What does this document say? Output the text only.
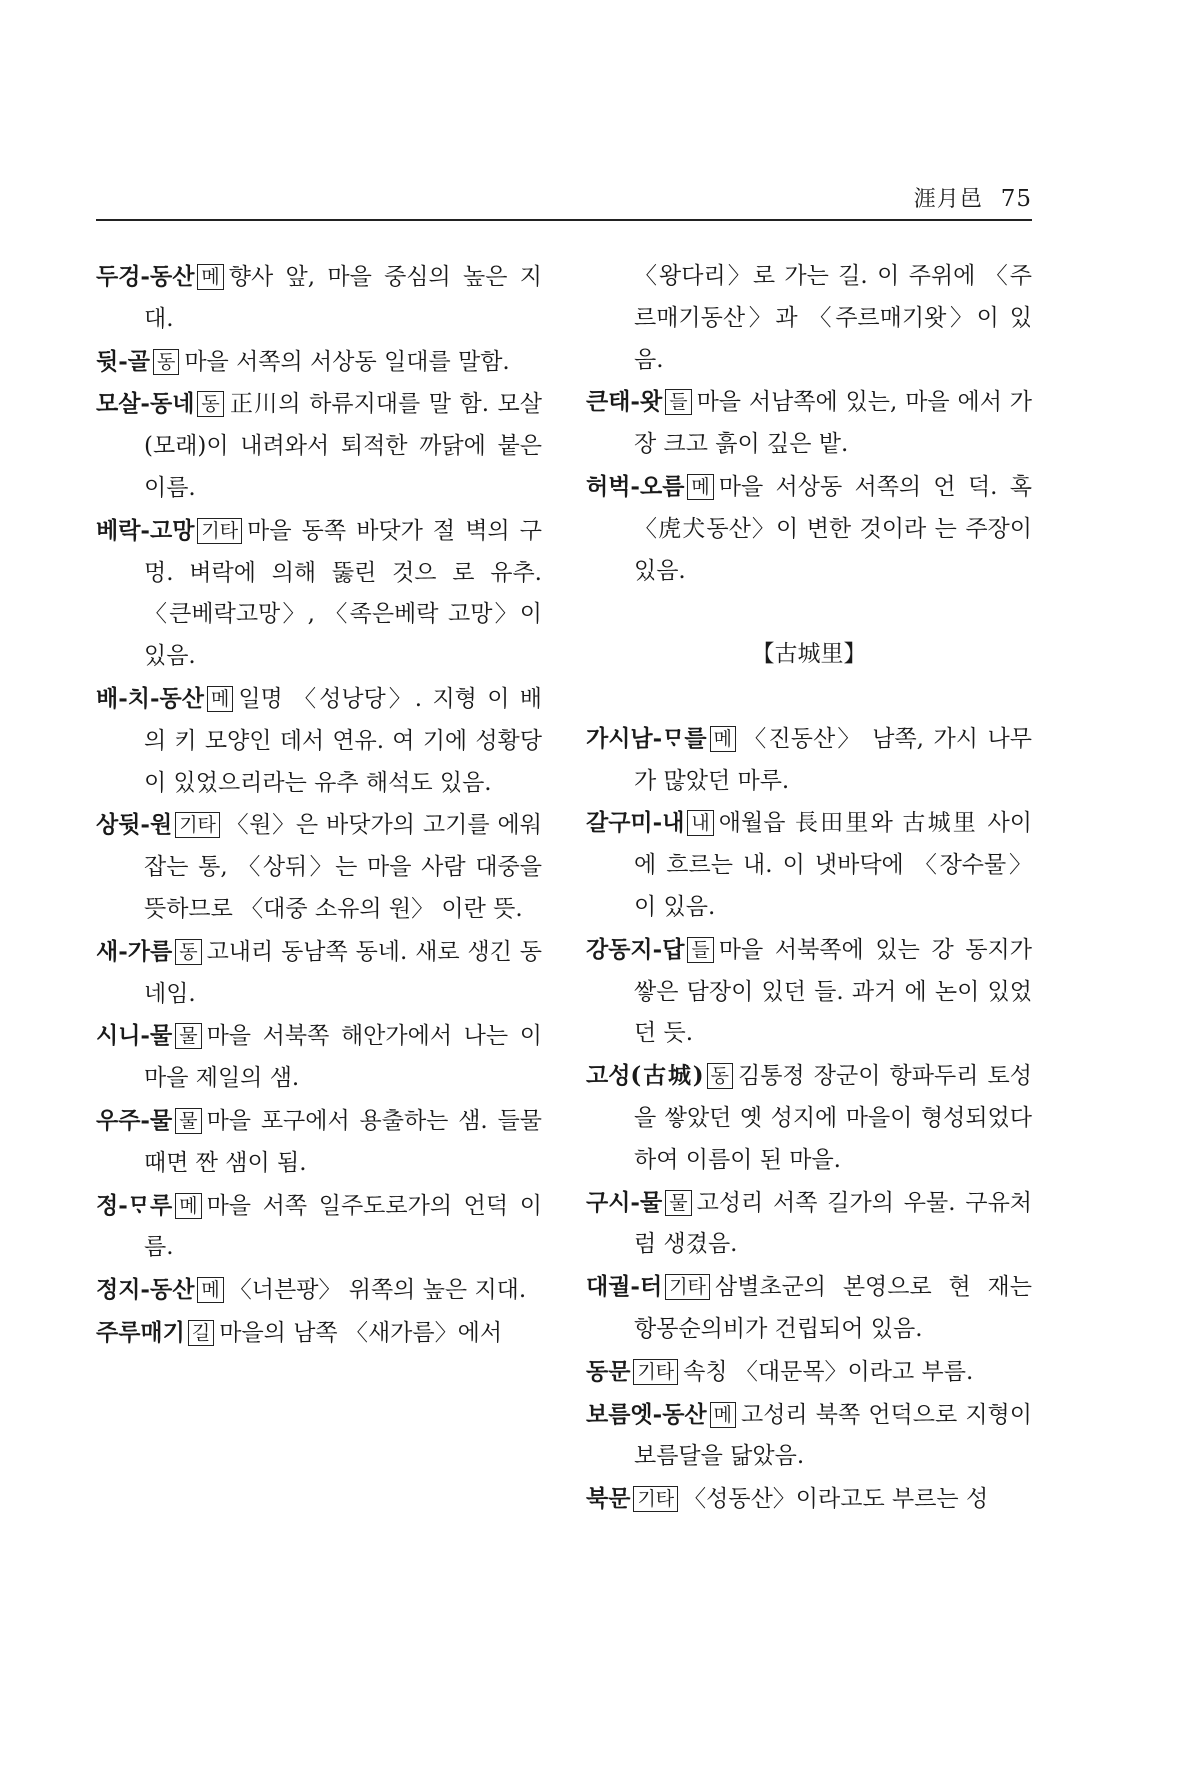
涯月邑 75
두겅-동산 메 향사 앞, 마을 중심의 높은 지대.
뒷-골 동 마을 서쪽의 서상동 일대를 말함.
모살-동네 동 正川의 하류지대를 말 함. 모살(모래)이 내려와서 퇴적한 까닭에 붙은 이름.
베락-고망 기타 마을 동쪽 바닷가 절 벽의 구멍. 벼락에 의해 뚫린 것으 로 유추. 〈큰베락고망〉, 〈족은베락 고망〉이 있음.
배-치-동산 메 일명 〈성낭당〉. 지형 이 배의 키 모양인 데서 연유. 여 기에 성황당이 있었으리라는 유추 해석도 있음.
상뒷-원 기타 〈원〉은 바닷가의 고기를 에워 잡는 통, 〈상뒤〉는 마을 사람 대중을 뜻하므로 〈대중 소유의 원〉 이란 뜻.
새-가름 동 고내리 동남쪽 동네. 새로 생긴 동네임.
시니-물 물 마을 서북쪽 해안가에서 나는 이 마을 제일의 샘.
우주-물 물 마을 포구에서 용출하는 샘. 들물 때면 짠 샘이 됨.
정-ᄆᆞ루 메 마을 서쪽 일주도로가의 언덕 이름.
정지-동산 메 〈너븐팡〉 위쪽의 높은 지대.
주루매기 길 마을의 남쪽 〈새가름〉에서
〈왕다리〉로 가는 길. 이 주위에 〈주르매기동산〉과 〈주르매기왓〉이 있음.
큰태-왓 들 마을 서남쪽에 있는, 마을 에서 가장 크고 흙이 깊은 밭.
허벅-오름 메 마을 서상동 서쪽의 언 덕. 혹 〈虎犬동산〉이 변한 것이라 는 주장이 있음.
【古城里】
가시남-ᄆᆞ를 메 〈진동산〉 남쪽, 가시 나무가 많았던 마루.
갈구미-내 내 애월읍 長田里와 古城里 사이에 흐르는 내. 이 냇바닥에 〈장수물〉이 있음.
강동지-답 들 마을 서북쪽에 있는 강 동지가 쌓은 담장이 있던 들. 과거 에 논이 있었던 듯.
고성(古城) 동 김통정 장군이 항파두리 토성을 쌓았던 옛 성지에 마을이 형성되었다 하여 이름이 된 마을.
구시-물 물 고성리 서쪽 길가의 우물. 구유처럼 생겼음.
대궐-터 기타 삼별초군의 본영으로 현 재는 항몽순의비가 건립되어 있음.
동문 기타 속칭 〈대문목〉이라고 부름.
보름엣-동산 메 고성리 북쪽 언덕으로 지형이 보름달을 닮았음.
북문 기타 〈성동산〉이라고도 부르는 성
